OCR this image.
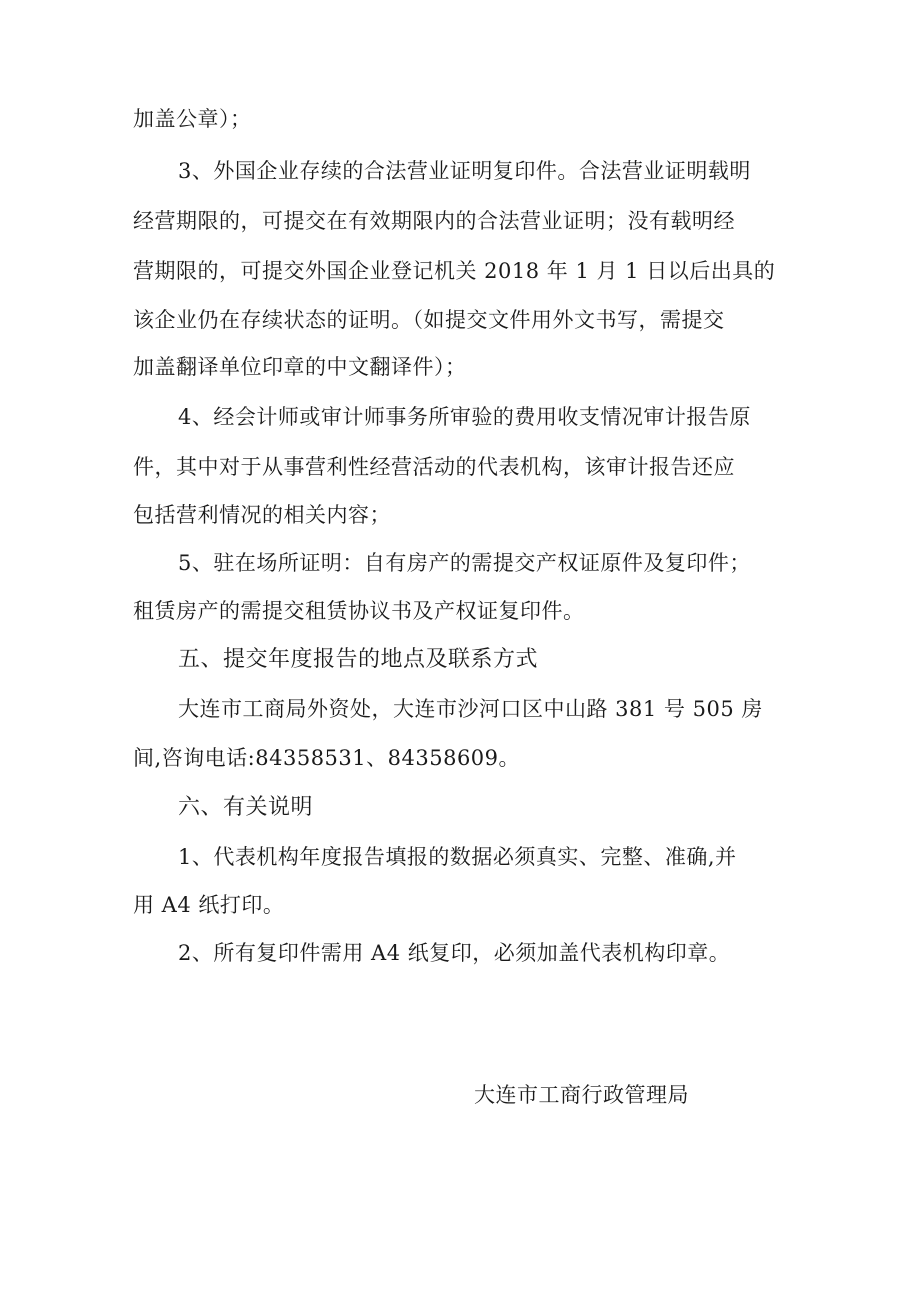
加盖公章）；

3、外国企业存续的合法营业证明复印件。合法营业证明载明

经营期限的，可提交在有效期限内的合法营业证明；没有载明经

营期限的，可提交外国企业登记机关 2018 年 1 月 1 日以后出具的

该企业仍在存续状态的证明。（如提交文件用外文书写，需提交

加盖翻译单位印章的中文翻译件）；

4、经会计师或审计师事务所审验的费用收支情况审计报告原

件，其中对于从事营利性经营活动的代表机构，该审计报告还应

包括营利情况的相关内容；

5、驻在场所证明：自有房产的需提交产权证原件及复印件；

租赁房产的需提交租赁协议书及产权证复印件。

五、提交年度报告的地点及联系方式

大连市工商局外资处，大连市沙河口区中山路 381 号 505 房

间,咨询电话:84358531、84358609。

六、有关说明

1、代表机构年度报告填报的数据必须真实、完整、准确,并

用 A4 纸打印。

2、所有复印件需用 A4 纸复印，必须加盖代表机构印章。

大连市工商行政管理局
